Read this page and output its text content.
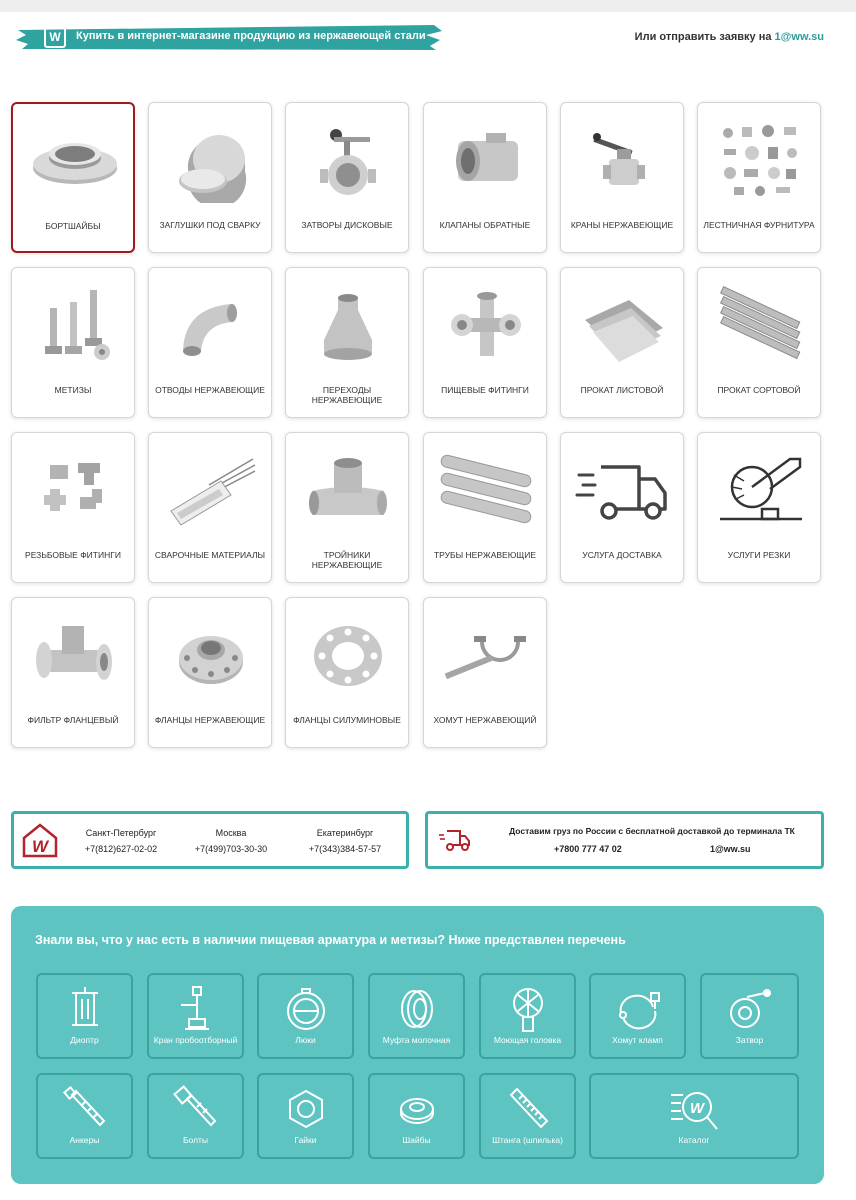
W	Купить в интернет-магазине продукцию из нержавеющей стали	Или отправить заявку на 1@ww.su
БОРТШАЙБЫ	ЗАГЛУШКИ ПОД СВАРКУ	ЗАТВОРЫ ДИСКОВЫЕ	КЛАПАНЫ ОБРАТНЫЕ	КРАНЫ НЕРЖАВЕЮЩИЕ	ЛЕСТНИЧНАЯ ФУРНИТУРА
МЕТИЗЫ	ОТВОДЫ НЕРЖАВЕЮЩИЕ	ПЕРЕХОДЫ НЕРЖАВЕЮЩИЕ
ПИЩЕВЫЕ ФИТИНГИ	ПРОКАТ ЛИСТОВОЙ	ПРОКАТ СОРТОВОЙ
РЕЗЬБОВЫЕ ФИТИНГИ	СВАРОЧНЫЕ МАТЕРИАЛЫ	ТРОЙНИКИ НЕРЖАВЕЮЩИЕ
ТРУБЫ НЕРЖАВЕЮЩИЕ	УСЛУГА ДОСТАВКА	УСЛУГИ РЕЗКИ
ФИЛЬТР ФЛАНЦЕВЫЙ	ФЛАНЦЫ НЕРЖАВЕЮЩИЕ	ФЛАНЦЫ СИЛУМИНОВЫЕ	ХОМУТ НЕРЖАВЕЮЩИЙ
W
Санкт-Петербург
+7(812)627-02-02
Москва
+7(499)703-30-30
Екатеринбург
+7(343)384-57-57
Доставим груз по России с бесплатной доставкой до терминала ТК
+7800 777 47 02	1@ww.su
Знали вы, что у нас есть в наличии пищевая арматура и метизы? Ниже представлен перечень
Диоптр	Кран пробоотборный	Люки	Муфта молочная	Моющая головка	Хомут кламп	Затвор
Анкеры	Болты	Гайки	Шайбы	Штанга (шпилька)
W
Каталог
